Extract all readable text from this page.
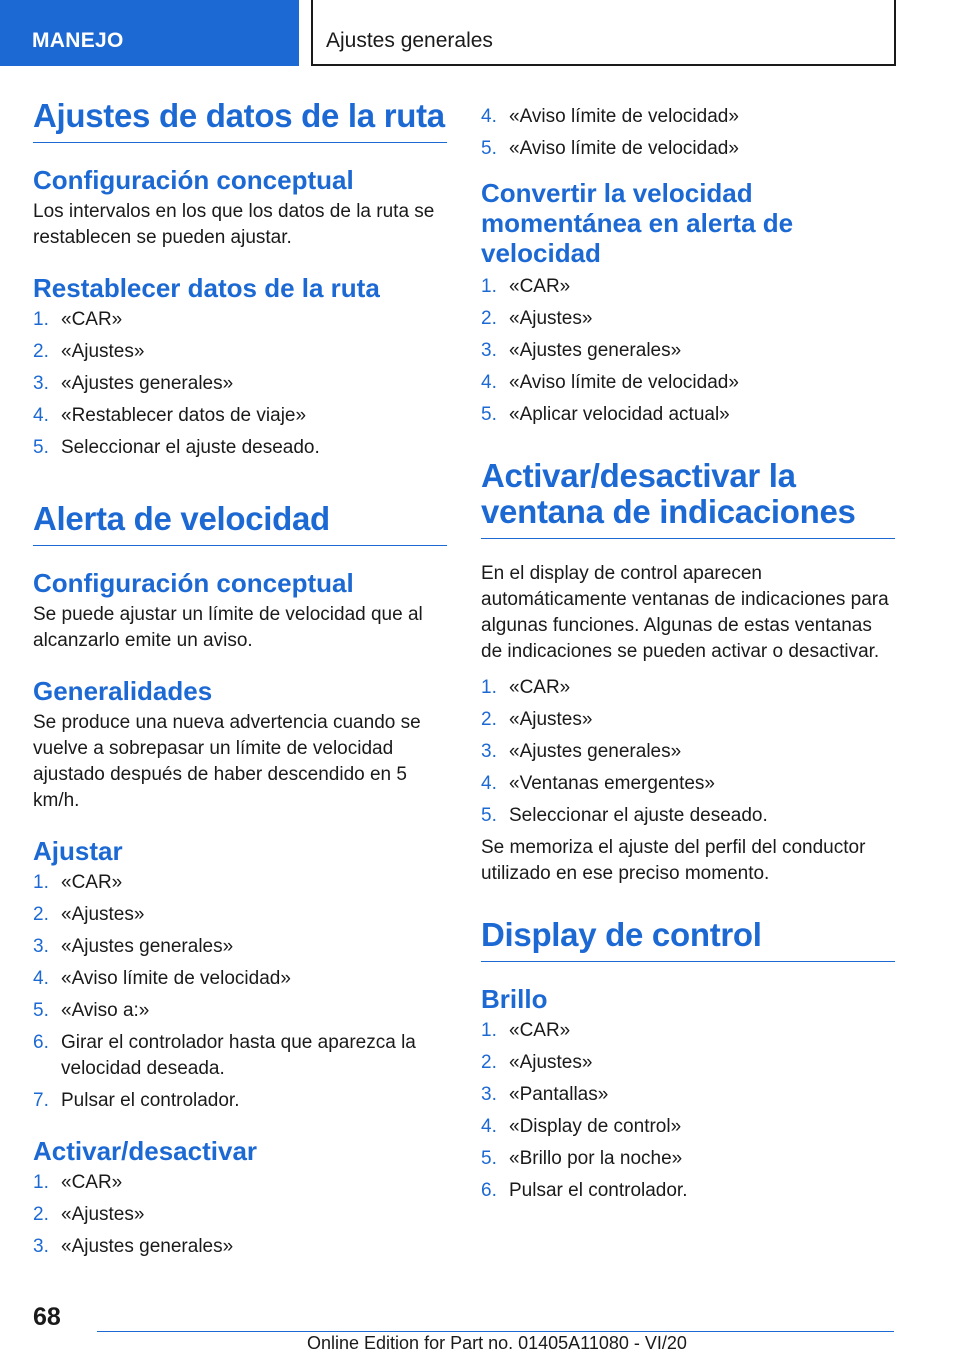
MANEJO	Ajustes generales
Ajustes de datos de la ruta
Configuración conceptual

Los intervalos en los que los datos de la ruta se restablecen se pueden ajustar.

Restablecer datos de la ruta
1. «CAR»
2. «Ajustes»
3. «Ajustes generales»
4. «Restablecer datos de viaje»
5. Seleccionar el ajuste deseado.
Alerta de velocidad
Configuración conceptual

Se puede ajustar un límite de velocidad que al alcanzarlo emite un aviso.

Generalidades

Se produce una nueva advertencia cuando se vuelve a sobrepasar un límite de velocidad ajustado después de haber descendido en 5 km/h.

Ajustar
1. «CAR»
2. «Ajustes»
3. «Ajustes generales»
4. «Aviso límite de velocidad»
5. «Aviso a:»
6. Girar el controlador hasta que aparezca la velocidad deseada.
7. Pulsar el controlador.
Activar/desactivar
1. «CAR»
2. «Ajustes»
3. «Ajustes generales»
4. «Aviso límite de velocidad»
5. «Aviso límite de velocidad»
Convertir la velocidad momentánea en alerta de velocidad
1. «CAR»
2. «Ajustes»
3. «Ajustes generales»
4. «Aviso límite de velocidad»
5. «Aplicar velocidad actual»
Activar/desactivar la ventana de indicaciones

En el display de control aparecen automáticamente ventanas de indicaciones para algunas funciones. Algunas de estas ventanas de indicaciones se pueden activar o desactivar.

1. «CAR»
2. «Ajustes»
3. «Ajustes generales»
4. «Ventanas emergentes»
5. Seleccionar el ajuste deseado.

Se memoriza el ajuste del perfil del conductor utilizado en ese preciso momento.

Display de control
Brillo
1. «CAR»
2. «Ajustes»
3. «Pantallas»
4. «Display de control»
5. «Brillo por la noche»
6. Pulsar el controlador.
68
Online Edition for Part no. 01405A11080 - VI/20
